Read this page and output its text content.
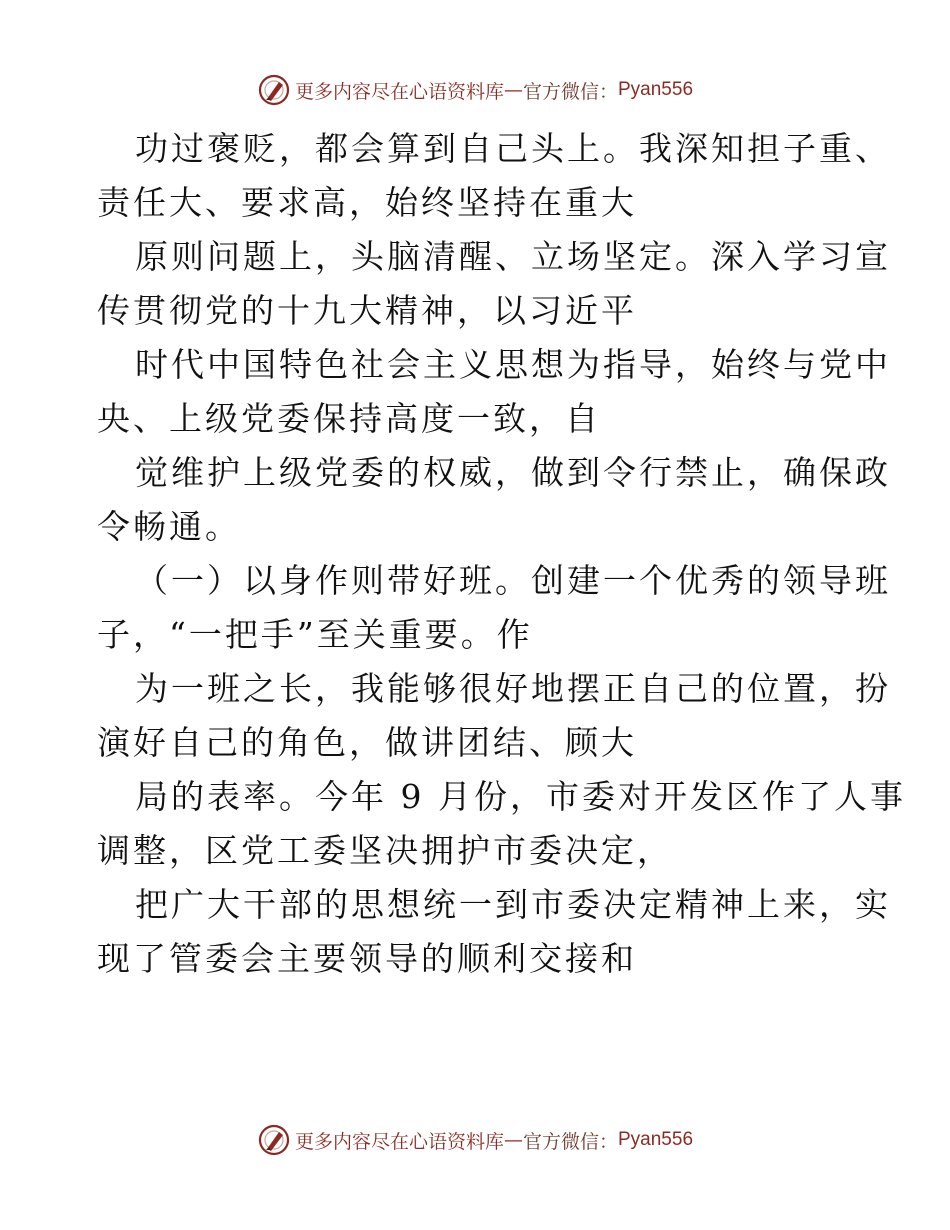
更多内容尽在心语资料库 — 官方微信： Pyan556
功过褒贬，都会算到自己头上。我深知担子重、
责任大、要求高，始终坚持在重大
原则问题上，头脑清醒、立场坚定。深入学习宣
传贯彻党的十九大精神，以习近平
时代中国特色社会主义思想为指导，始终与党中
央、上级党委保持高度一致，自
觉维护上级党委的权威，做到令行禁止，确保政
令畅通。
（一）以身作则带好班。创建一个优秀的领导班
子，“一把手”至关重要。作
为一班之长，我能够很好地摆正自己的位置，扮
演好自己的角色，做讲团结、顾大
局的表率。今年 9 月份，市委对开发区作了人事
调整，区党工委坚决拥护市委决定，
把广大干部的思想统一到市委决定精神上来，实
现了管委会主要领导的顺利交接和
更多内容尽在心语资料库 — 官方微信： Pyan556
